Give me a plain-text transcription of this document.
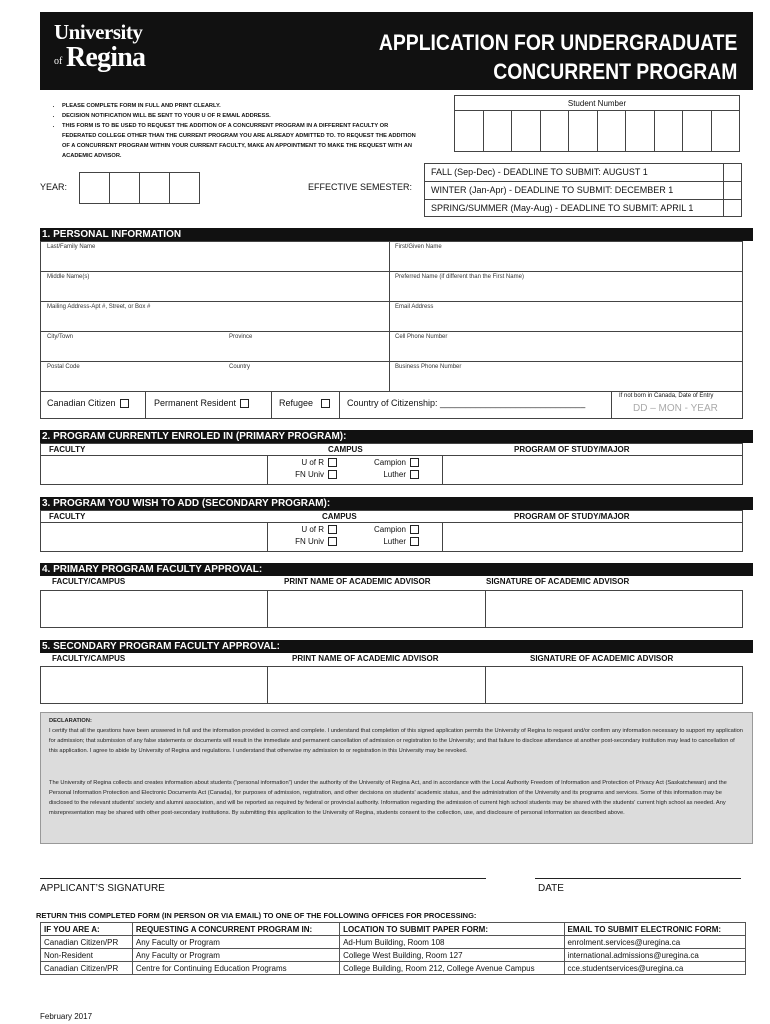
University
of Regina	APPLICATION FOR UNDERGRADUATE
CONCURRENT PROGRAM
• PLEASE COMPLETE FORM IN FULL AND PRINT CLEARLY.
• DECISION NOTIFICATION WILL BE SENT TO YOUR U OF R EMAIL ADDRESS.
• THIS FORM IS TO BE USED TO REQUEST THE ADDITION OF A CONCURRENT PROGRAM IN A DIFFERENT FACULTY OR FEDERATED COLLEGE OTHER THAN THE CURRENT PROGRAM YOU ARE ALREADY ADMITTED TO. TO REQUEST THE ADDITION OF A CONCURRENT PROGRAM WITHIN YOUR CURRENT FACULTY, MAKE AN APPOINTMENT TO MAKE THE REQUEST WITH AN ACADEMIC ADVISOR.
Student Number
YEAR:	EFFECTIVE SEMESTER:
FALL (Sep-Dec) - DEADLINE TO SUBMIT: AUGUST 1
WINTER (Jan-Apr) - DEADLINE TO SUBMIT: DECEMBER 1
SPRING/SUMMER (May-Aug) - DEADLINE TO SUBMIT: APRIL 1
1. PERSONAL INFORMATION
Last/Family Name	First/Given Name
Middle Name(s)	Preferred Name (if different than the First Name)
Mailing Address-Apt #, Street, or Box #	Email Address
City/Town	Province	Cell Phone Number
Postal Code	Country	Business Phone Number
Canadian Citizen	Permanent Resident	Refugee	Country of Citizenship: _____________________________
If not born in Canada, Date of Entry
DD – MON - YEAR
2. PROGRAM CURRENTLY ENROLED IN (PRIMARY PROGRAM):
FACULTY	CAMPUS	PROGRAM OF STUDY/MAJOR
U of R
FN Univ
Campion
Luther
3. PROGRAM YOU WISH TO ADD (SECONDARY PROGRAM):
FACULTY	CAMPUS	PROGRAM OF STUDY/MAJOR
U of R
FN Univ
Campion
Luther
4. PRIMARY PROGRAM FACULTY APPROVAL:
FACULTY/CAMPUS	PRINT NAME OF ACADEMIC ADVISOR	SIGNATURE OF ACADEMIC ADVISOR
5. SECONDARY PROGRAM FACULTY APPROVAL:
FACULTY/CAMPUS	PRINT NAME OF ACADEMIC ADVISOR	SIGNATURE OF ACADEMIC ADVISOR
DECLARATION:
I certify that all the questions have been answered in full and the information provided is correct and complete. I understand that completion of this signed application permits the University of Regina to request and/or confirm any information necessary to support my application for admission; that submission of any false statements or documents will result in the immediate and permanent cancellation of admission or registration to the University; and that failure to disclose attendance at another post-secondary institution may lead to cancellation of this application. I agree to abide by University of Regina and regulations. I understand that otherwise my admission to or registration in this University may be revoked.
The University of Regina collects and creates information about students (“personal information”) under the authority of the University of Regina Act, and in accordance with the Local Authority Freedom of Information and Protection of Privacy Act (Saskatchewan) and the Personal Information Protection and Electronic Documents Act (Canada), for purposes of admission, registration, and other decisions on students' academic status, and the administration of the University and its programs and services. Some of this information may be disclosed to the relevant students' society and alumni association, and will be reported as required by federal or provincial authority. Information regarding the admission of current high school students may be shared with the students' current high school as needed. Any misrepresentation may be shared with other post-secondary institutions. By submitting this application to the University of Regina, students consent to the collection, use, and disclosure of personal information as described above.
APPLICANT’S SIGNATURE	DATE
RETURN THIS COMPLETED FORM (IN PERSON OR VIA EMAIL) TO ONE OF THE FOLLOWING OFFICES FOR PROCESSING:
IF YOU ARE A:	REQUESTING A CONCURRENT PROGRAM IN:	LOCATION TO SUBMIT PAPER FORM:	EMAIL TO SUBMIT ELECTRONIC FORM:
Canadian Citizen/PR	Any Faculty or Program	Ad-Hum Building, Room 108	enrolment.services@uregina.ca
Non-Resident	Any Faculty or Program	College West Building, Room 127	international.admissions@uregina.ca
Canadian Citizen/PR	Centre for Continuing Education Programs	College Building, Room 212, College Avenue Campus	cce.studentservices@uregina.ca
February 2017
